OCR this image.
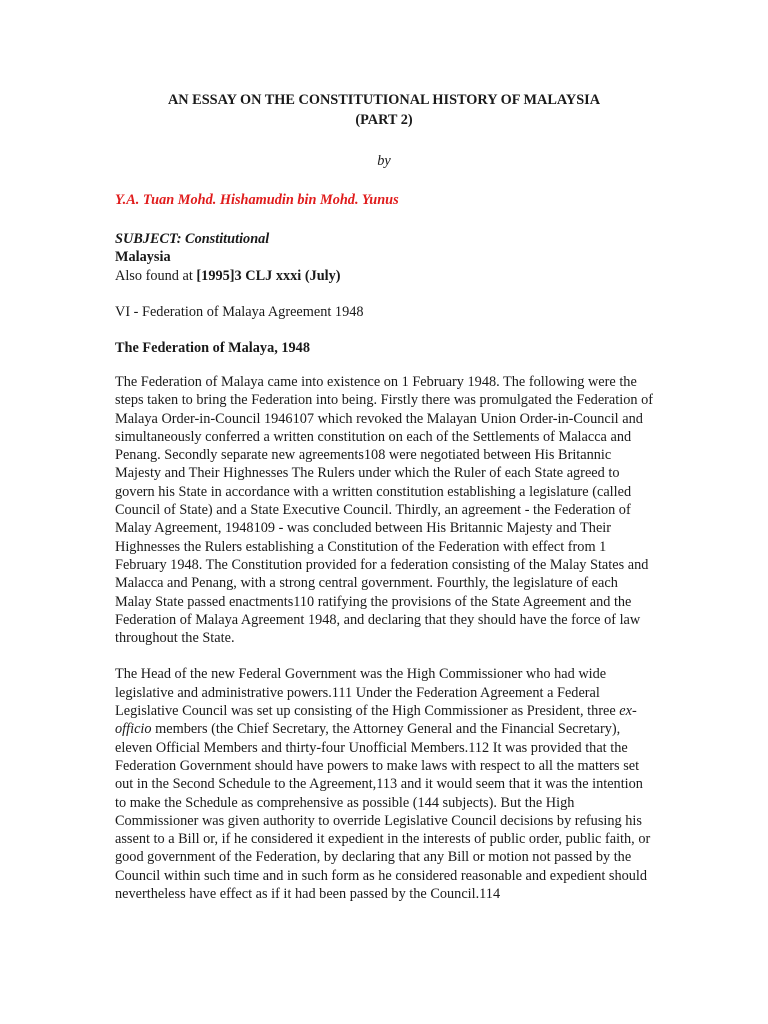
AN ESSAY ON THE CONSTITUTIONAL HISTORY OF MALAYSIA
(PART 2)
by
Y.A. Tuan Mohd. Hishamudin bin Mohd. Yunus
SUBJECT: Constitutional
Malaysia
Also found at [1995]3 CLJ xxxi (July)
VI - Federation of Malaya Agreement 1948
The Federation of Malaya, 1948

The Federation of Malaya came into existence on 1 February 1948. The following were the steps taken to bring the Federation into being. Firstly there was promulgated the Federation of Malaya Order-in-Council 1946107 which revoked the Malayan Union Order-in-Council and simultaneously conferred a written constitution on each of the Settlements of Malacca and Penang. Secondly separate new agreements108 were negotiated between His Britannic Majesty and Their Highnesses The Rulers under which the Ruler of each State agreed to govern his State in accordance with a written constitution establishing a legislature (called Council of State) and a State Executive Council. Thirdly, an agreement - the Federation of Malay Agreement, 1948109 - was concluded between His Britannic Majesty and Their Highnesses the Rulers establishing a Constitution of the Federation with effect from 1 February 1948. The Constitution provided for a federation consisting of the Malay States and Malacca and Penang, with a strong central government. Fourthly, the legislature of each Malay State passed enactments110 ratifying the provisions of the State Agreement and the Federation of Malaya Agreement 1948, and declaring that they should have the force of law throughout the State.

The Head of the new Federal Government was the High Commissioner who had wide legislative and administrative powers.111 Under the Federation Agreement a Federal Legislative Council was set up consisting of the High Commissioner as President, three ex-officio members (the Chief Secretary, the Attorney General and the Financial Secretary), eleven Official Members and thirty-four Unofficial Members.112 It was provided that the Federation Government should have powers to make laws with respect to all the matters set out in the Second Schedule to the Agreement,113 and it would seem that it was the intention to make the Schedule as comprehensive as possible (144 subjects). But the High Commissioner was given authority to override Legislative Council decisions by refusing his assent to a Bill or, if he considered it expedient in the interests of public order, public faith, or good government of the Federation, by declaring that any Bill or motion not passed by the Council within such time and in such form as he considered reasonable and expedient should nevertheless have effect as if it had been passed by the Council.114
